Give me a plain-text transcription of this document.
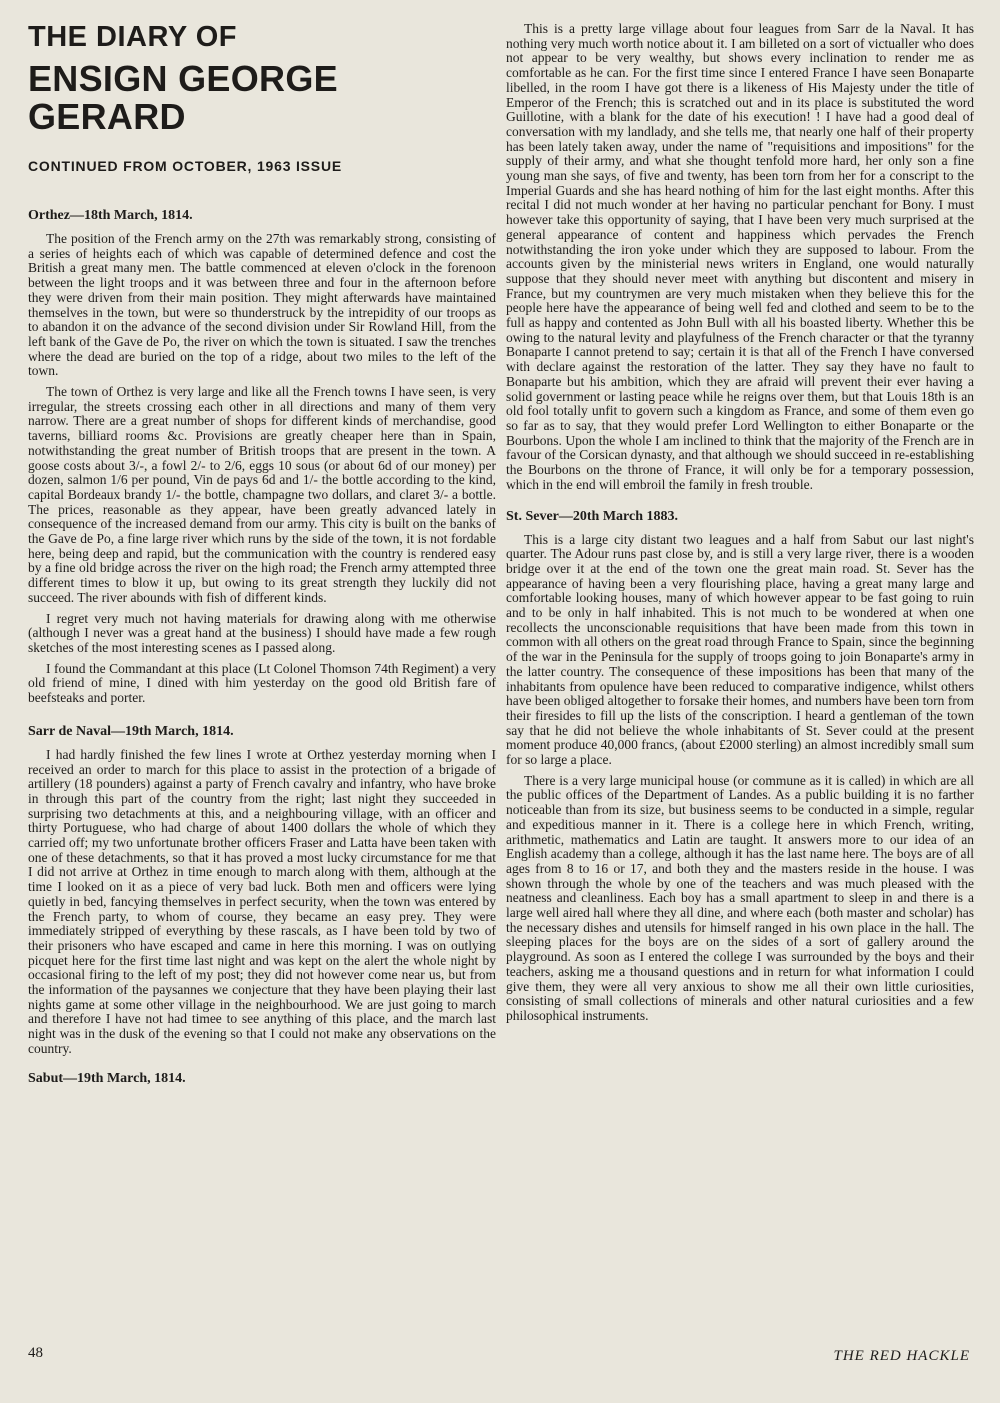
THE DIARY OF
ENSIGN GEORGE GERARD
CONTINUED FROM OCTOBER, 1963 ISSUE
Orthez—18th March, 1814.

The position of the French army on the 27th was remarkably strong, consisting of a series of heights each of which was capable of determined defence and cost the British a great many men. The battle commenced at eleven o'clock in the forenoon between the light troops and it was between three and four in the afternoon before they were driven from their main position. They might afterwards have maintained themselves in the town, but were so thunderstruck by the intrepidity of our troops as to abandon it on the advance of the second division under Sir Rowland Hill, from the left bank of the Gave de Po, the river on which the town is situated. I saw the trenches where the dead are buried on the top of a ridge, about two miles to the left of the town.

The town of Orthez is very large and like all the French towns I have seen, is very irregular, the streets crossing each other in all directions and many of them very narrow. There are a great number of shops for different kinds of merchandise, good taverns, billiard rooms &c. Provisions are greatly cheaper here than in Spain, notwithstanding the great number of British troops that are present in the town. A goose costs about 3/-, a fowl 2/- to 2/6, eggs 10 sous (or about 6d of our money) per dozen, salmon 1/6 per pound, Vin de pays 6d and 1/- the bottle according to the kind, capital Bordeaux brandy 1/- the bottle, champagne two dollars, and claret 3/- a bottle. The prices, reasonable as they appear, have been greatly advanced lately in consequence of the increased demand from our army. This city is built on the banks of the Gave de Po, a fine large river which runs by the side of the town, it is not fordable here, being deep and rapid, but the communication with the country is rendered easy by a fine old bridge across the river on the high road; the French army attempted three different times to blow it up, but owing to its great strength they luckily did not succeed. The river abounds with fish of different kinds.

I regret very much not having materials for drawing along with me otherwise (although I never was a great hand at the business) I should have made a few rough sketches of the most interesting scenes as I passed along.

I found the Commandant at this place (Lt Colonel Thomson 74th Regiment) a very old friend of mine, I dined with him yesterday on the good old British fare of beefsteaks and porter.

Sarr de Naval—19th March, 1814.

I had hardly finished the few lines I wrote at Orthez yesterday morning when I received an order to march for this place to assist in the protection of a brigade of artillery (18 pounders) against a party of French cavalry and infantry, who have broke in through this part of the country from the right; last night they succeeded in surprising two detachments at this, and a neighbouring village, with an officer and thirty Portuguese, who had charge of about 1400 dollars the whole of which they carried off; my two unfortunate brother officers Fraser and Latta have been taken with one of these detachments, so that it has proved a most lucky circumstance for me that I did not arrive at Orthez in time enough to march along with them, although at the time I looked on it as a piece of very bad luck. Both men and officers were lying quietly in bed, fancying themselves in perfect security, when the town was entered by the French party, to whom of course, they became an easy prey. They were immediately stripped of everything by these rascals, as I have been told by two of their prisoners who have escaped and came in here this morning. I was on outlying picquet here for the first time last night and was kept on the alert the whole night by occasional firing to the left of my post; they did not however come near us, but from the information of the paysannes we conjecture that they have been playing their last nights game at some other village in the neighbourhood. We are just going to march and therefore I have not had timee to see anything of this place, and the march last night was in the dusk of the evening so that I could not make any observations on the country.

Sabut—19th March, 1814.

This is a pretty large village about four leagues from Sarr de la Naval. It has nothing very much worth notice about it. I am billeted on a sort of victualler who does not appear to be very wealthy, but shows every inclination to render me as comfortable as he can. For the first time since I entered France I have seen Bonaparte libelled, in the room I have got there is a likeness of His Majesty under the title of Emperor of the French; this is scratched out and in its place is substituted the word Guillotine, with a blank for the date of his execution! ! I have had a good deal of conversation with my landlady, and she tells me, that nearly one half of their property has been lately taken away, under the name of "requisitions and impositions" for the supply of their army, and what she thought tenfold more hard, her only son a fine young man she says, of five and twenty, has been torn from her for a conscript to the Imperial Guards and she has heard nothing of him for the last eight months. After this recital I did not much wonder at her having no particular penchant for Bony. I must however take this opportunity of saying, that I have been very much surprised at the general appearance of content and happiness which pervades the French notwithstanding the iron yoke under which they are supposed to labour. From the accounts given by the ministerial news writers in England, one would naturally suppose that they should never meet with anything but discontent and misery in France, but my countrymen are very much mistaken when they believe this for the people here have the appearance of being well fed and clothed and seem to be to the full as happy and contented as John Bull with all his boasted liberty. Whether this be owing to the natural levity and playfulness of the French character or that the tyranny Bonaparte I cannot pretend to say; certain it is that all of the French I have conversed with declare against the restoration of the latter. They say they have no fault to Bonaparte but his ambition, which they are afraid will prevent their ever having a solid government or lasting peace while he reigns over them, but that Louis 18th is an old fool totally unfit to govern such a kingdom as France, and some of them even go so far as to say, that they would prefer Lord Wellington to either Bonaparte or the Bourbons. Upon the whole I am inclined to think that the majority of the French are in favour of the Corsican dynasty, and that although we should succeed in re-establishing the Bourbons on the throne of France, it will only be for a temporary possession, which in the end will embroil the family in fresh trouble.

St. Sever—20th March 1883.

This is a large city distant two leagues and a half from Sabut our last night's quarter. The Adour runs past close by, and is still a very large river, there is a wooden bridge over it at the end of the town one the great main road. St. Sever has the appearance of having been a very flourishing place, having a great many large and comfortable looking houses, many of which however appear to be fast going to ruin and to be only in half inhabited. This is not much to be wondered at when one recollects the unconscionable requisitions that have been made from this town in common with all others on the great road through France to Spain, since the beginning of the war in the Peninsula for the supply of troops going to join Bonaparte's army in the latter country. The consequence of these impositions has been that many of the inhabitants from opulence have been reduced to comparative indigence, whilst others have been obliged altogether to forsake their homes, and numbers have been torn from their firesides to fill up the lists of the conscription. I heard a gentleman of the town say that he did not believe the whole inhabitants of St. Sever could at the present moment produce 40,000 francs, (about £2000 sterling) an almost incredibly small sum for so large a place.

There is a very large municipal house (or commune as it is called) in which are all the public offices of the Department of Landes. As a public building it is no farther noticeable than from its size, but business seems to be conducted in a simple, regular and expeditious manner in it. There is a college here in which French, writing, arithmetic, mathematics and Latin are taught. It answers more to our idea of an English academy than a college, although it has the last name here. The boys are of all ages from 8 to 16 or 17, and both they and the masters reside in the house. I was shown through the whole by one of the teachers and was much pleased with the neatness and cleanliness. Each boy has a small apartment to sleep in and there is a large well aired hall where they all dine, and where each (both master and scholar) has the necessary dishes and utensils for himself ranged in his own place in the hall. The sleeping places for the boys are on the sides of a sort of gallery around the playground. As soon as I entered the college I was surrounded by the boys and their teachers, asking me a thousand questions and in return for what information I could give them, they were all very anxious to show me all their own little curiosities, consisting of small collections of minerals and other natural curiosities and a few philosophical instruments.

48	THE RED HACKLE
